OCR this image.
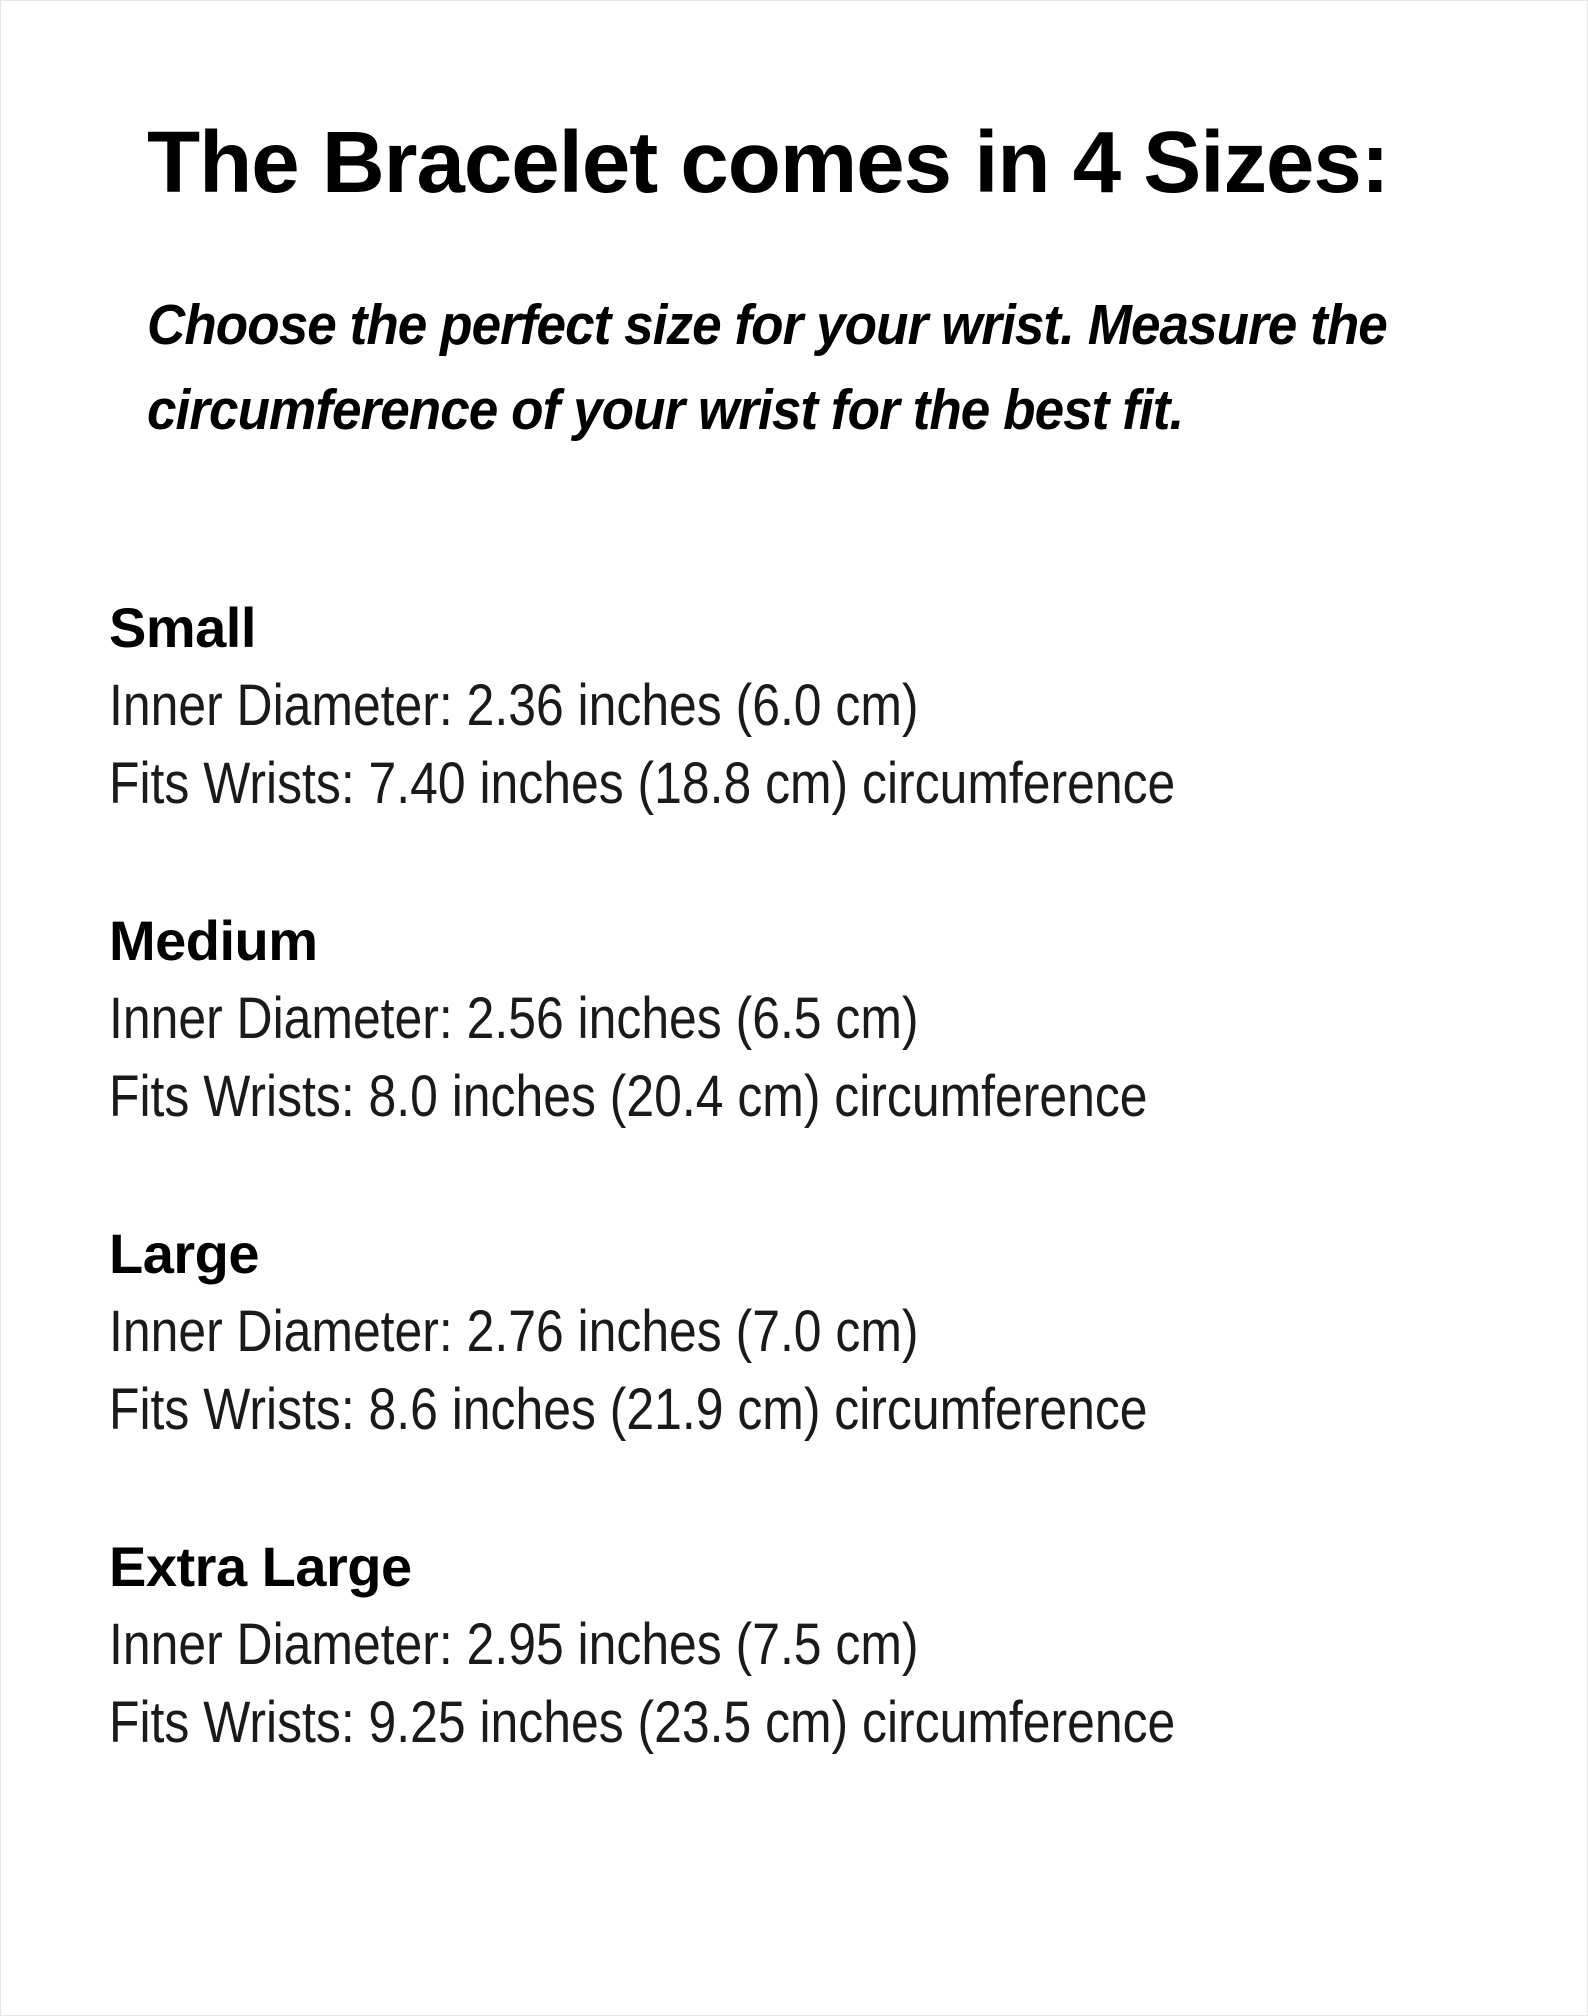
The Bracelet comes in 4 Sizes:

Choose the perfect size for your wrist. Measure the circumference of your wrist for the best fit.

Small
Inner Diameter: 2.36 inches (6.0 cm)
Fits Wrists: 7.40 inches (18.8 cm) circumference
Medium
Inner Diameter: 2.56 inches (6.5 cm)
Fits Wrists: 8.0 inches (20.4 cm) circumference
Large
Inner Diameter: 2.76 inches (7.0 cm)
Fits Wrists: 8.6 inches (21.9 cm) circumference
Extra Large
Inner Diameter: 2.95 inches (7.5 cm)
Fits Wrists: 9.25 inches (23.5 cm) circumference
